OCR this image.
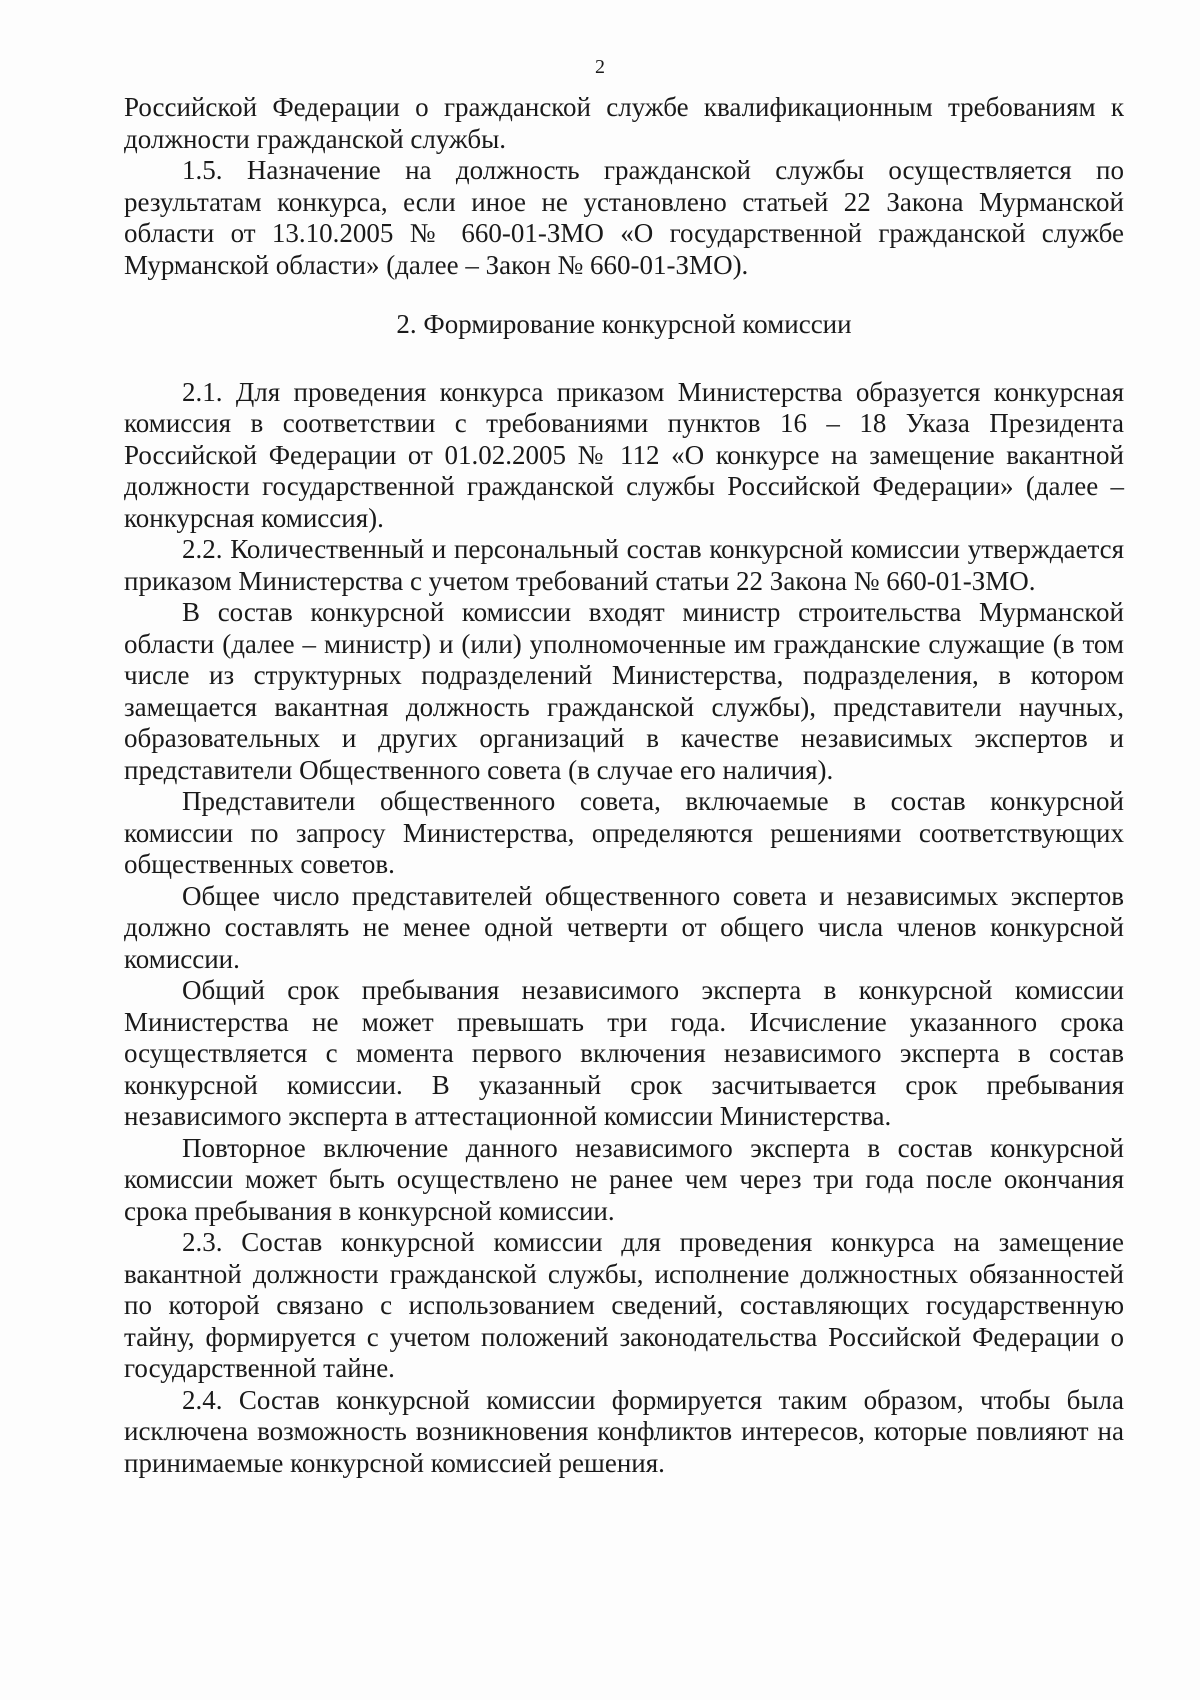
2

Российской Федерации о гражданской службе квалификационным требованиям к должности гражданской службы.

1.5. Назначение на должность гражданской службы осуществляется по результатам конкурса, если иное не установлено статьей 22 Закона Мурманской области от 13.10.2005 № 660-01-ЗМО «О государственной гражданской службе Мурманской области» (далее – Закон № 660-01-ЗМО).

2. Формирование конкурсной комиссии

2.1. Для проведения конкурса приказом Министерства образуется конкурсная комиссия в соответствии с требованиями пунктов 16 – 18 Указа Президента Российской Федерации от 01.02.2005 № 112 «О конкурсе на замещение вакантной должности государственной гражданской службы Российской Федерации» (далее – конкурсная комиссия).

2.2. Количественный и персональный состав конкурсной комиссии утверждается приказом Министерства с учетом требований статьи 22 Закона № 660-01-ЗМО.

В состав конкурсной комиссии входят министр строительства Мурманской области (далее – министр) и (или) уполномоченные им гражданские служащие (в том числе из структурных подразделений Министерства, подразделения, в котором замещается вакантная должность гражданской службы), представители научных, образовательных и других организаций в качестве независимых экспертов и представители Общественного совета (в случае его наличия).

Представители общественного совета, включаемые в состав конкурсной комиссии по запросу Министерства, определяются решениями соответствующих общественных советов.

Общее число представителей общественного совета и независимых экспертов должно составлять не менее одной четверти от общего числа членов конкурсной комиссии.

Общий срок пребывания независимого эксперта в конкурсной комиссии Министерства не может превышать три года. Исчисление указанного срока осуществляется с момента первого включения независимого эксперта в состав конкурсной комиссии. В указанный срок засчитывается срок пребывания независимого эксперта в аттестационной комиссии Министерства.

Повторное включение данного независимого эксперта в состав конкурсной комиссии может быть осуществлено не ранее чем через три года после окончания срока пребывания в конкурсной комиссии.

2.3. Состав конкурсной комиссии для проведения конкурса на замещение вакантной должности гражданской службы, исполнение должностных обязанностей по которой связано с использованием сведений, составляющих государственную тайну, формируется с учетом положений законодательства Российской Федерации о государственной тайне.

2.4. Состав конкурсной комиссии формируется таким образом, чтобы была исключена возможность возникновения конфликтов интересов, которые повлияют на принимаемые конкурсной комиссией решения.
